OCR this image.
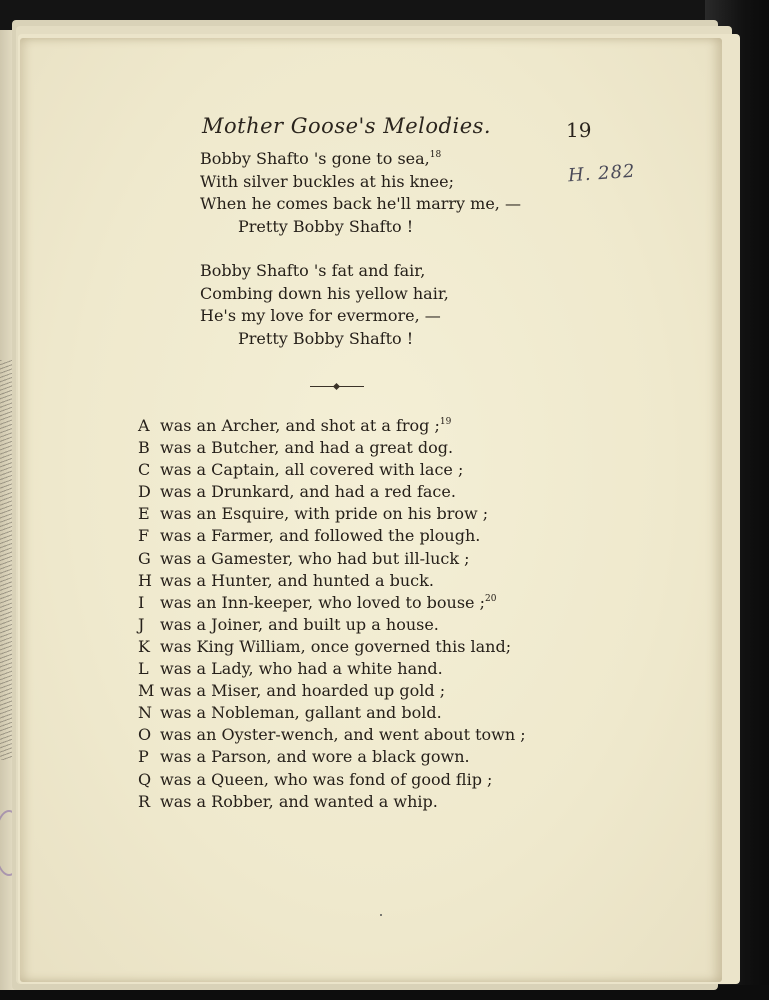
Mother Goose's Melodies.	19
H. 282
Bobby Shafto 's gone to sea,$^{18}$
With silver buckles at his knee;
When he comes back he'll marry me, —
Pretty Bobby Shafto !
Bobby Shafto 's fat and fair,
Combing down his yellow hair,
He's my love for evermore, —
Pretty Bobby Shafto !
A was an Archer, and shot at a frog ;$^{19}$
B was a Butcher, and had a great dog.
C was a Captain, all covered with lace ;
D was a Drunkard, and had a red face.
E was an Esquire, with pride on his brow ;
F was a Farmer, and followed the plough.
G was a Gamester, who had but ill-luck ;
H was a Hunter, and hunted a buck.
I was an Inn-keeper, who loved to bouse ;$^{20}$
J was a Joiner, and built up a house.
K was King William, once governed this land;
L was a Lady, who had a white hand.
M was a Miser, and hoarded up gold ;
N was a Nobleman, gallant and bold.
O was an Oyster-wench, and went about town ;
P was a Parson, and wore a black gown.
Q was a Queen, who was fond of good flip ;
R was a Robber, and wanted a whip.
